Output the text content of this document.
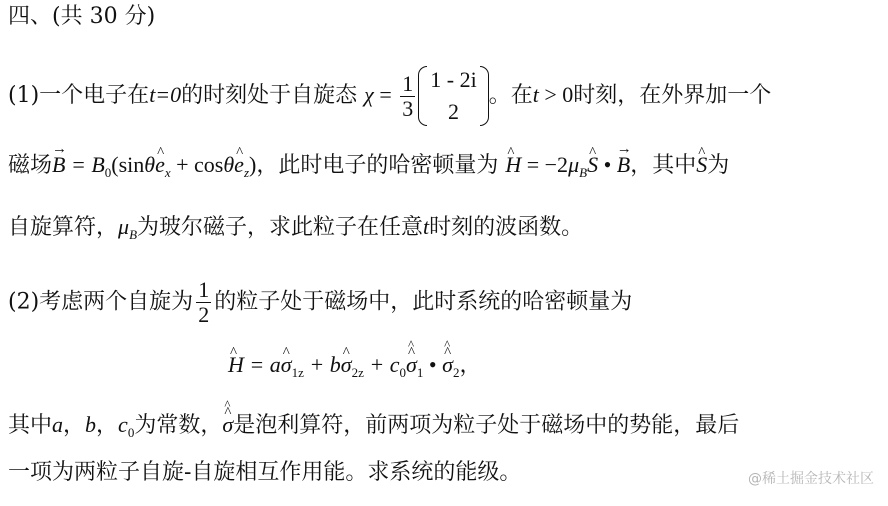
四、(共 30 分)
(1)一个电子在t=0的时刻处于自旋态 $\chi = \frac{1}{3} 1 - 2i$
2
。在t > 0时刻，在外界加一个
磁场B → = $B_0(\sin\theta e$ $\^{}_x + \cos\theta e$ $\^{}_z$)，此时电子的哈密顿量为 H ^ = $-2\mu_BS$ ^ • B →，其中S ^为
自旋算符，$\mu_B$为玻尔磁子，求此粒子在任意t时刻的波函数。
(2)考虑两个自旋为 $\frac{1}{2}$ 的粒子处于磁场中，此时系统的哈密顿量为
H ^ = aσ $\^{}_{1z} + b\sigma$ $\^{}_{2z}$ + $c_0\^{}$ σ $\^{}_1$ • ^ σ $\^{}_2$，
其中a，b，$c_0$为常数，^ σ ^是泡利算符，前两项为粒子处于磁场中的势能，最后
一项为两粒子自旋-自旋相互作用能。求系统的能级。	@稀土掘金技术社区
